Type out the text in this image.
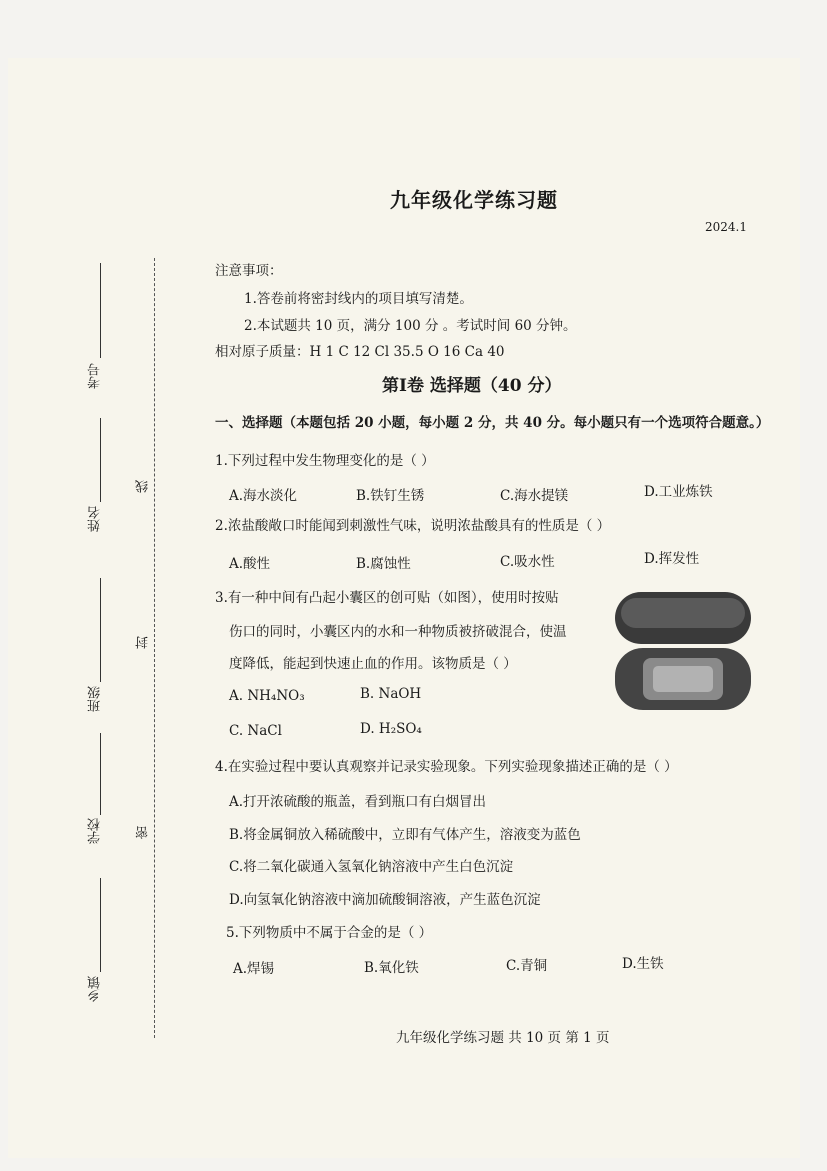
考号
姓名
班级
学校
乡镇
线
封
密
九年级化学练习题
2024.1
注意事项：
1.答卷前将密封线内的项目填写清楚。
2.本试题共 10 页，满分 100 分 。考试时间 60 分钟。
相对原子质量：H 1 C 12 Cl 35.5 O 16 Ca 40
第Ⅰ卷 选择题（40 分）
一、选择题（本题包括 20 小题，每小题 2 分，共 40 分。每小题只有一个选项符合题意。）
1.下列过程中发生物理变化的是（ ）
A.海水淡化	B.铁钉生锈	C.海水提镁	D.工业炼铁
2.浓盐酸敞口时能闻到刺激性气味，说明浓盐酸具有的性质是（ ）
A.酸性	B.腐蚀性	C.吸水性	D.挥发性
3.有一种中间有凸起小囊区的创可贴（如图），使用时按贴
伤口的同时，小囊区内的水和一种物质被挤破混合，使温
度降低，能起到快速止血的作用。该物质是（ ）
A. NH₄NO₃	B. NaOH
C. NaCl	D. H₂SO₄
4.在实验过程中要认真观察并记录实验现象。下列实验现象描述正确的是（ ）
A.打开浓硫酸的瓶盖，看到瓶口有白烟冒出
B.将金属铜放入稀硫酸中，立即有气体产生，溶液变为蓝色
C.将二氧化碳通入氢氧化钠溶液中产生白色沉淀
D.向氢氧化钠溶液中滴加硫酸铜溶液，产生蓝色沉淀
5.下列物质中不属于合金的是（ ）
A.焊锡	B.氧化铁	C.青铜	D.生铁
九年级化学练习题 共 10 页 第 1 页
